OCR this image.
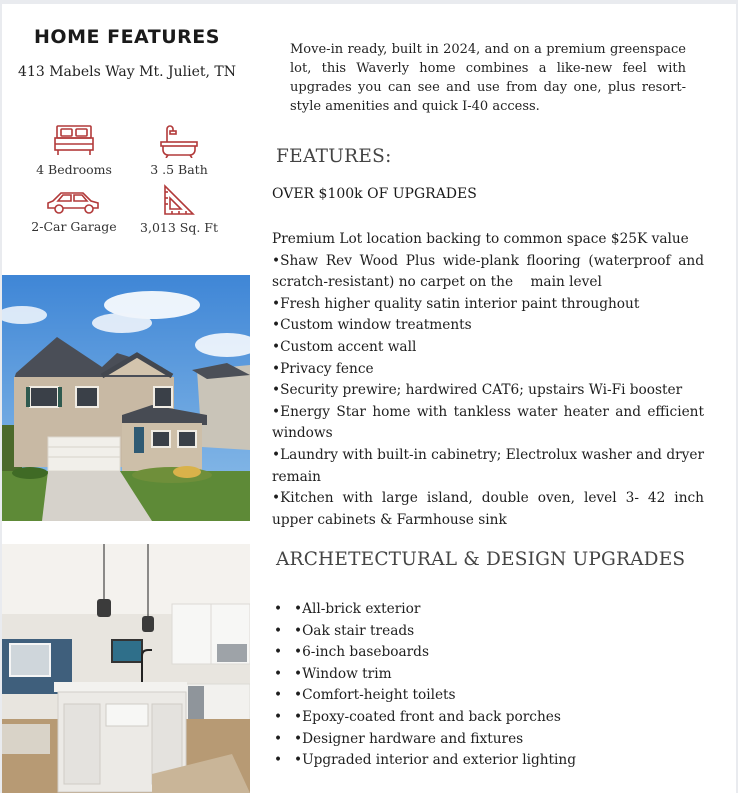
HOME FEATURES
413 Mabels Way Mt. Juliet, TN
4 Bedrooms	3 .5 Bath
2-Car Garage	3,013 Sq. Ft
Move-in ready, built in 2024, and on a premium greenspace lot, this Waverly home combines a like-new feel with upgrades you can see and use from day one, plus resort-style amenities and quick I-40 access.
FEATURES:
OVER $100k OF UPGRADES
Premium Lot location backing to common space $25K value
•Shaw Rev Wood Plus wide-plank flooring (waterproof and scratch-resistant) no carpet on the    main level
•Fresh higher quality satin interior paint throughout
•Custom window treatments
•Custom accent wall
•Privacy fence
•Security prewire; hardwired CAT6; upstairs Wi-Fi booster
•Energy Star home with tankless water heater and efficient windows
•Laundry with built-in cabinetry; Electrolux washer and dryer remain
•Kitchen with large island, double oven, level 3- 42 inch upper cabinets & Farmhouse sink
ARCHETECTURAL & DESIGN UPGRADES
• •All-brick exterior
• •Oak stair treads
• •6-inch baseboards
• •Window trim
• •Comfort-height toilets
• •Epoxy-coated front and back porches
• •Designer hardware and fixtures
• •Upgraded interior and exterior lighting
